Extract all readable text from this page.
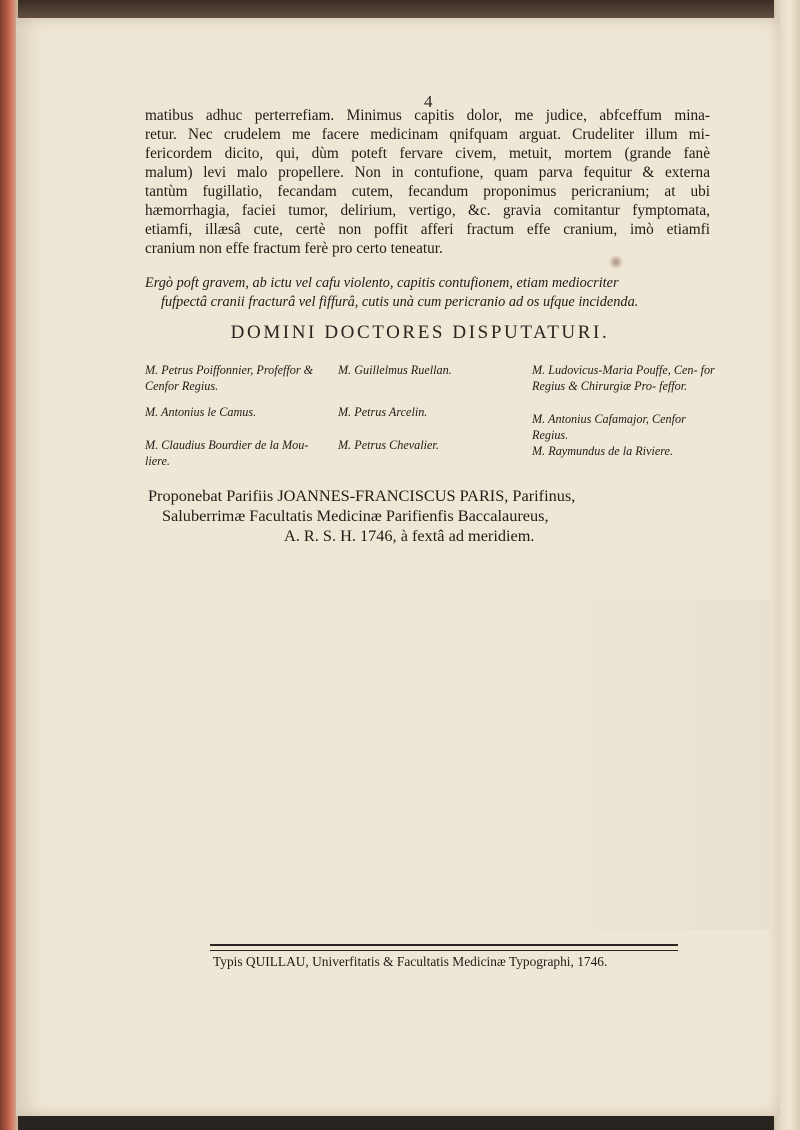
4
matibus adhuc perterrefiam. Minimus capitis dolor, me judice, abfceffum mina-
retur. Nec crudelem me facere medicinam qnifquam arguat. Crudeliter illum mi-
fericordem dicito, qui, dùm poteft fervare civem, metuit, mortem (grande fanè
malum) levi malo propellere. Non in contufione, quam parva fequitur & externa
tantùm fugillatio, fecandam cutem, fecandum proponimus pericranium; at ubi
hæmorrhagia, faciei tumor, delirium, vertigo, &c. gravia comitantur fymptomata,
etiamfi, illæsâ cute, certè non poffit afferi fractum effe cranium, imò etiamfi
cranium non effe fractum ferè pro certo teneatur.
Ergò poft gravem, ab ictu vel cafu violento, capitis contufionem, etiam mediocriter
fufpectâ cranii fracturâ vel fiffurâ, cutis unà cum pericranio ad os ufque incidenda.
DOMINI DOCTORES DISPUTATURI.
M. Petrus Poiffonnier, Profeffor & Cenfor Regius.
M. Antonius le Camus.
M. Claudius Bourdier de la Mou- liere.
M. Guillelmus Ruellan.
M. Petrus Arcelin.
M. Petrus Chevalier.
M. Ludovicus-Maria Pouffe, Cen- for Regius & Chirurgiæ Pro- feffor.
M. Antonius Cafamajor, Cenfor Regius.
M. Raymundus de la Riviere.
Proponebat Parifiis JOANNES-FRANCISCUS PARIS, Parifinus,
Saluberrimæ Facultatis Medicinæ Parifienfis Baccalaureus,
A. R. S. H. 1746, à fextâ ad meridiem.
Typis QUILLAU, Univerfitatis & Facultatis Medicinæ Typographi, 1746.
